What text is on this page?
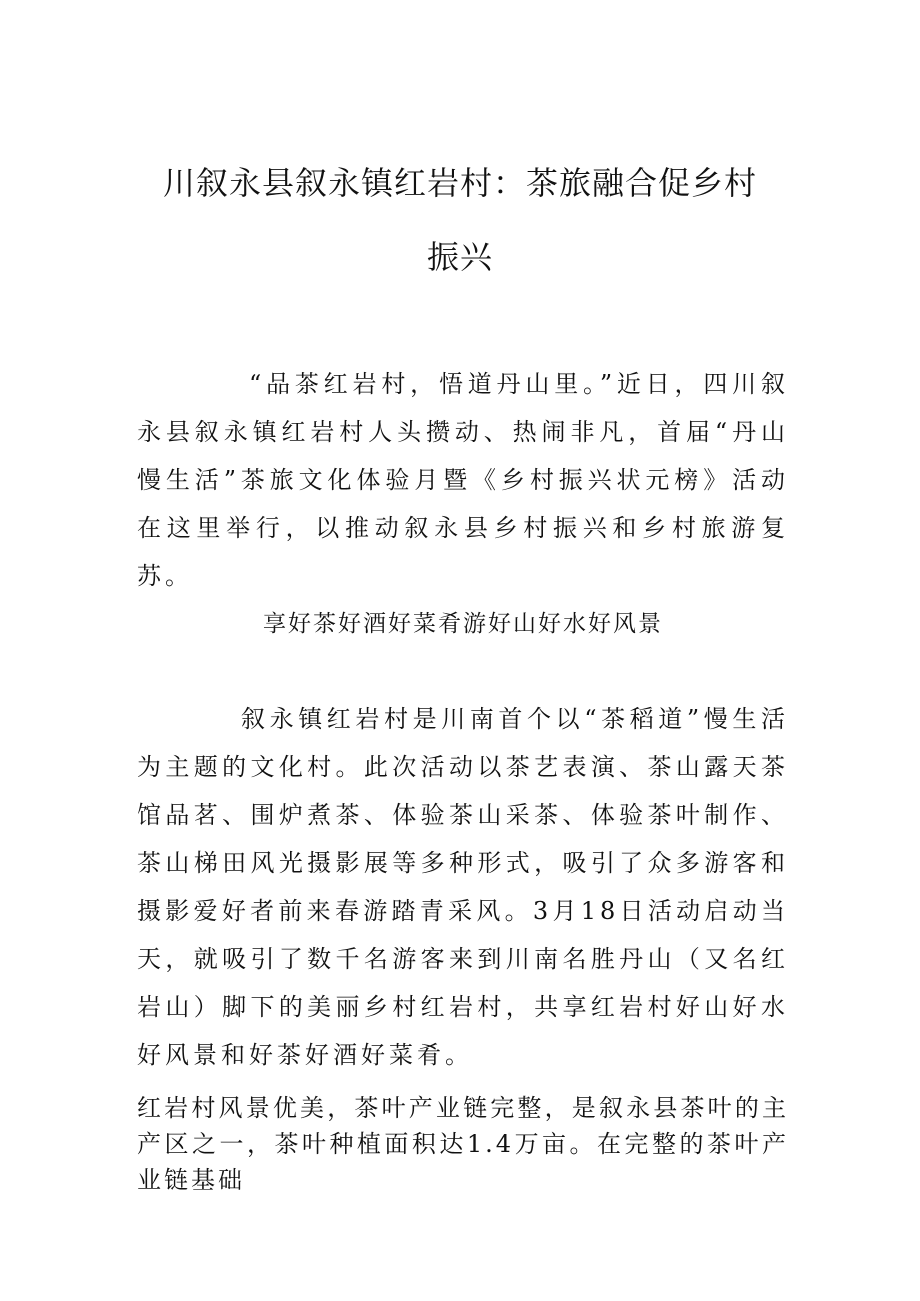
川叙永县叙永镇红岩村：茶旅融合促乡村
振兴

“品茶红岩村，悟道丹山里。”近日，四川叙永县叙永镇红岩村人头攒动、热闹非凡，首届“丹山慢生活”茶旅文化体验月暨《乡村振兴状元榜》活动在这里举行，以推动叙永县乡村振兴和乡村旅游复苏。

享好茶好酒好菜肴游好山好水好风景

叙永镇红岩村是川南首个以“茶稻道”慢生活为主题的文化村。此次活动以茶艺表演、茶山露天茶馆品茗、围炉煮茶、体验茶山采茶、体验茶叶制作、茶山梯田风光摄影展等多种形式，吸引了众多游客和摄影爱好者前来春游踏青采风。3月18日活动启动当天，就吸引了数千名游客来到川南名胜丹山（又名红岩山）脚下的美丽乡村红岩村，共享红岩村好山好水好风景和好茶好酒好菜肴。

红岩村风景优美，茶叶产业链完整，是叙永县茶叶的主产区之一，茶叶种植面积达1.4万亩。在完整的茶叶产业链基础
